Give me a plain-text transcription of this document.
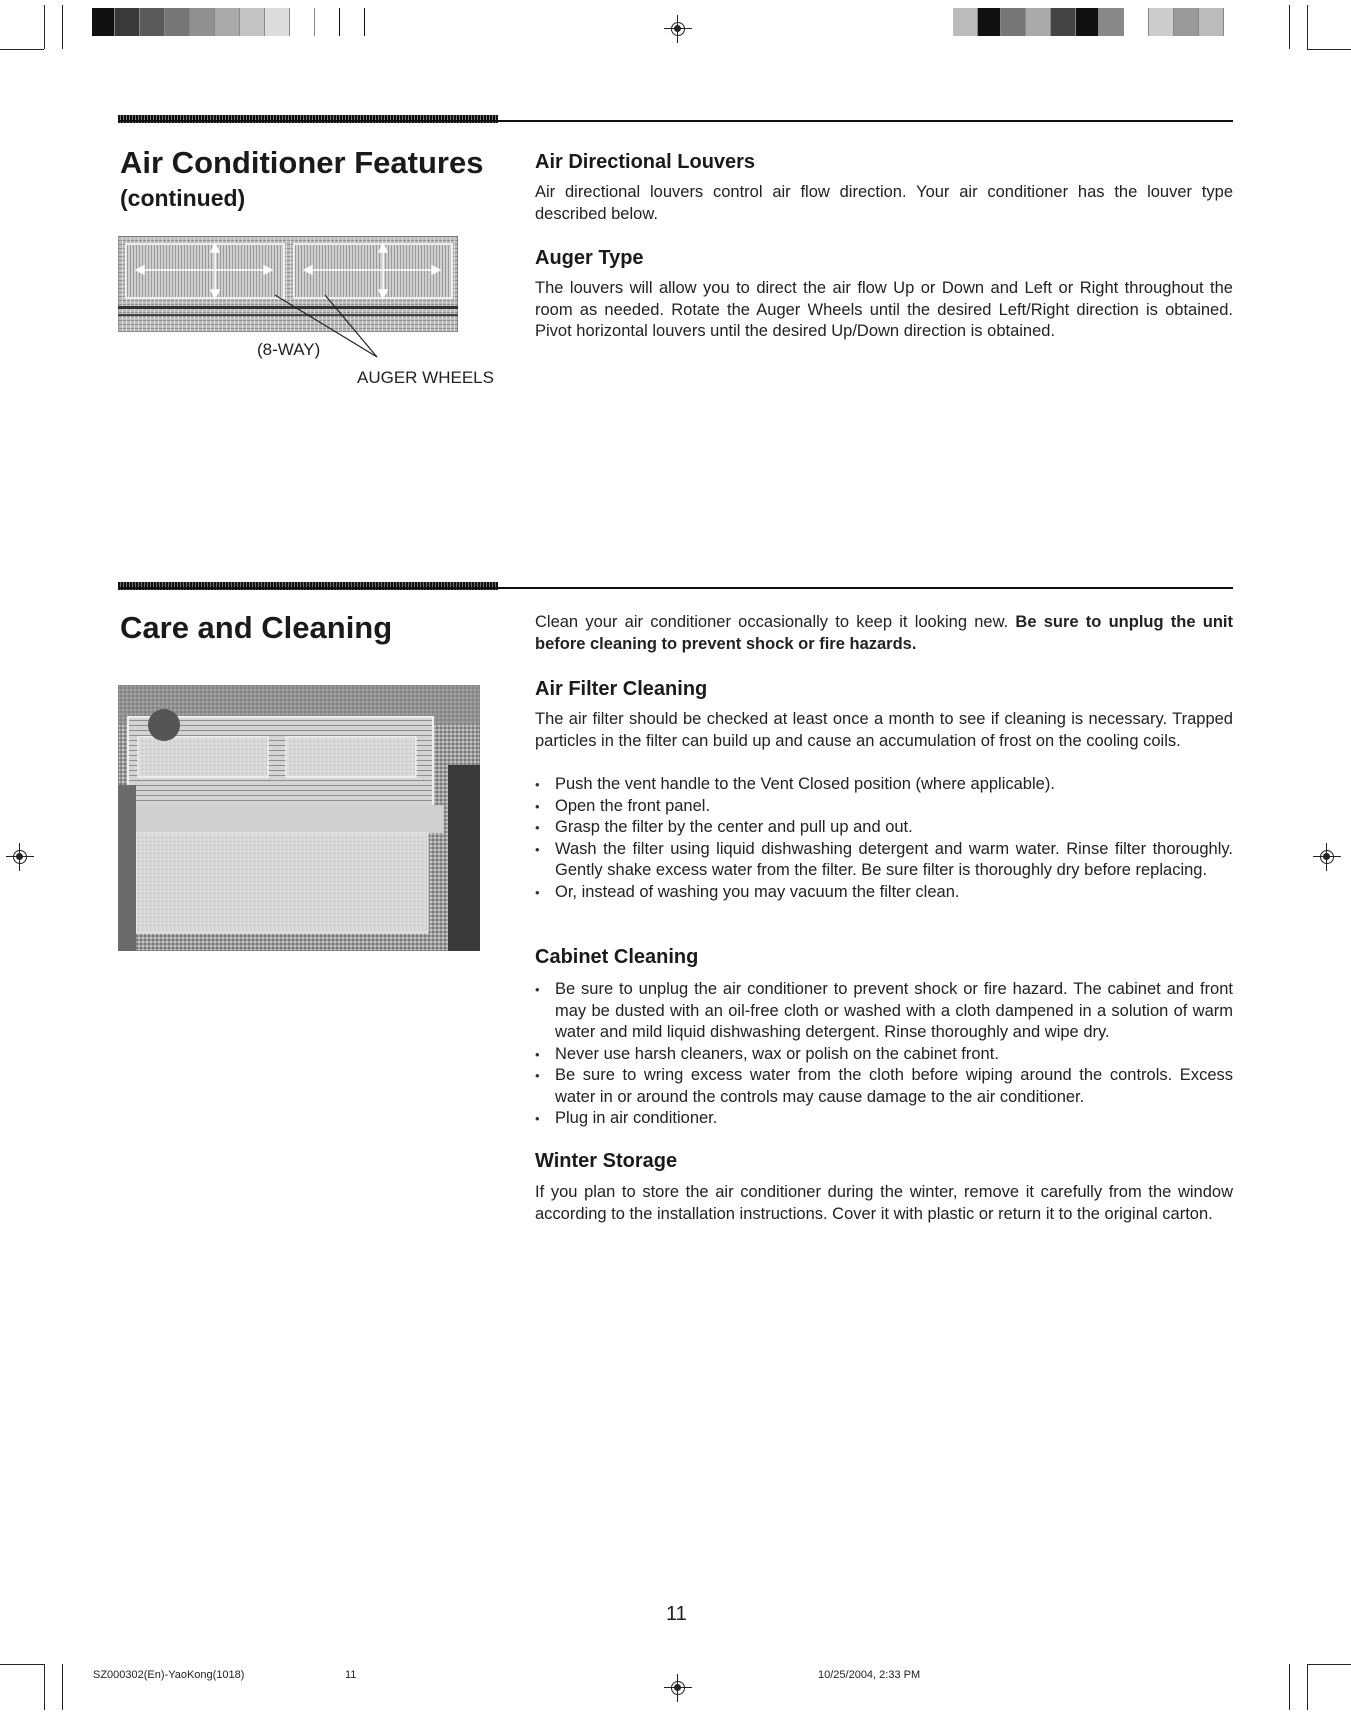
Air Conditioner Features
(continued)
(8-WAY)
AUGER WHEELS
Air Directional Louvers

Air directional louvers control air flow direction. Your air conditioner has the louver type described below.

Auger Type

The louvers will allow you to direct the air flow Up or Down and Left or Right throughout the room as needed. Rotate the Auger Wheels until the desired Left/Right direction is obtained. Pivot horizontal louvers until the desired Up/Down direction is obtained.

Care and Cleaning	Clean your air conditioner occasionally to keep it looking new. Be sure to unplug the unit before cleaning to prevent shock or fire hazards.

Air Filter Cleaning

The air filter should be checked at least once a month to see if cleaning is necessary. Trapped particles in the filter can build up and cause an accumulation of frost on the cooling coils.

• Push the vent handle to the Vent Closed position (where applicable).
• Open the front panel.
• Grasp the filter by the center and pull up and out.
• Wash the filter using liquid dishwashing detergent and warm water. Rinse filter thoroughly. Gently shake excess water from the filter. Be sure filter is thoroughly dry before replacing.
• Or, instead of washing you may vacuum the filter clean.
Cabinet Cleaning
• Be sure to unplug the air conditioner to prevent shock or fire hazard. The cabinet and front may be dusted with an oil-free cloth or washed with a cloth dampened in a solution of warm water and mild liquid dishwashing detergent. Rinse thoroughly and wipe dry.
• Never use harsh cleaners, wax or polish on the cabinet front.
• Be sure to wring excess water from the cloth before wiping around the controls. Excess water in or around the controls may cause damage to the air conditioner.
• Plug in air conditioner.
Winter Storage

If you plan to store the air conditioner during the winter, remove it carefully from the window according to the installation instructions. Cover it with plastic or return it to the original carton.

11
SZ000302(En)-YaoKong(1018)	11	10/25/2004, 2:33 PM
